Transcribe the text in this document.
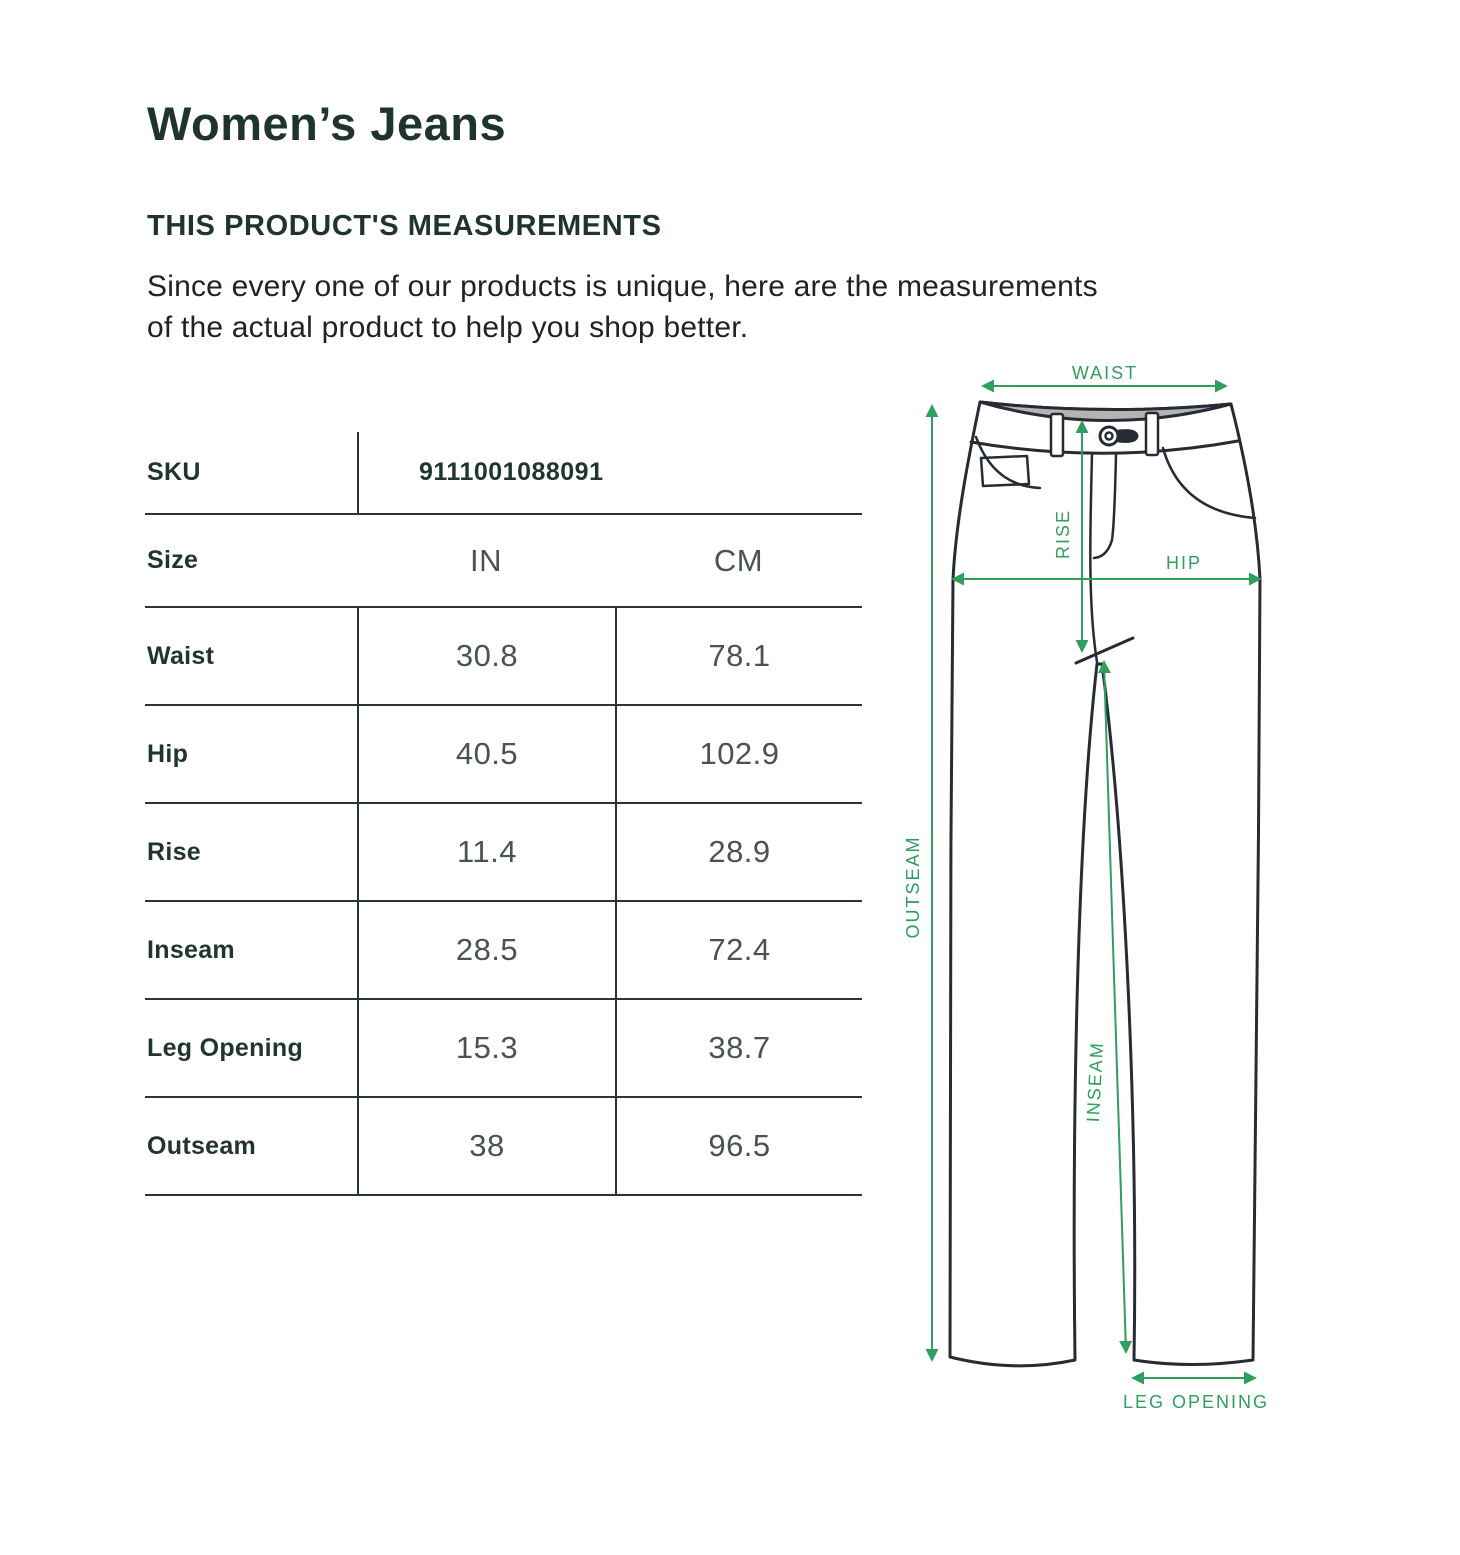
Women’s Jeans
THIS PRODUCT'S MEASUREMENTS

Since every one of our products is unique, here are the measurements
of the actual product to help you shop better.

SKU	9111001088091
Size	IN	CM
Waist	30.8	78.1
Hip	40.5	102.9
Rise	11.4	28.9
Inseam	28.5	72.4
Leg Opening	15.3	38.7
Outseam	38	96.5
WAIST
OUTSEAM
RISE
HIP
INSEAM
LEG OPENING
